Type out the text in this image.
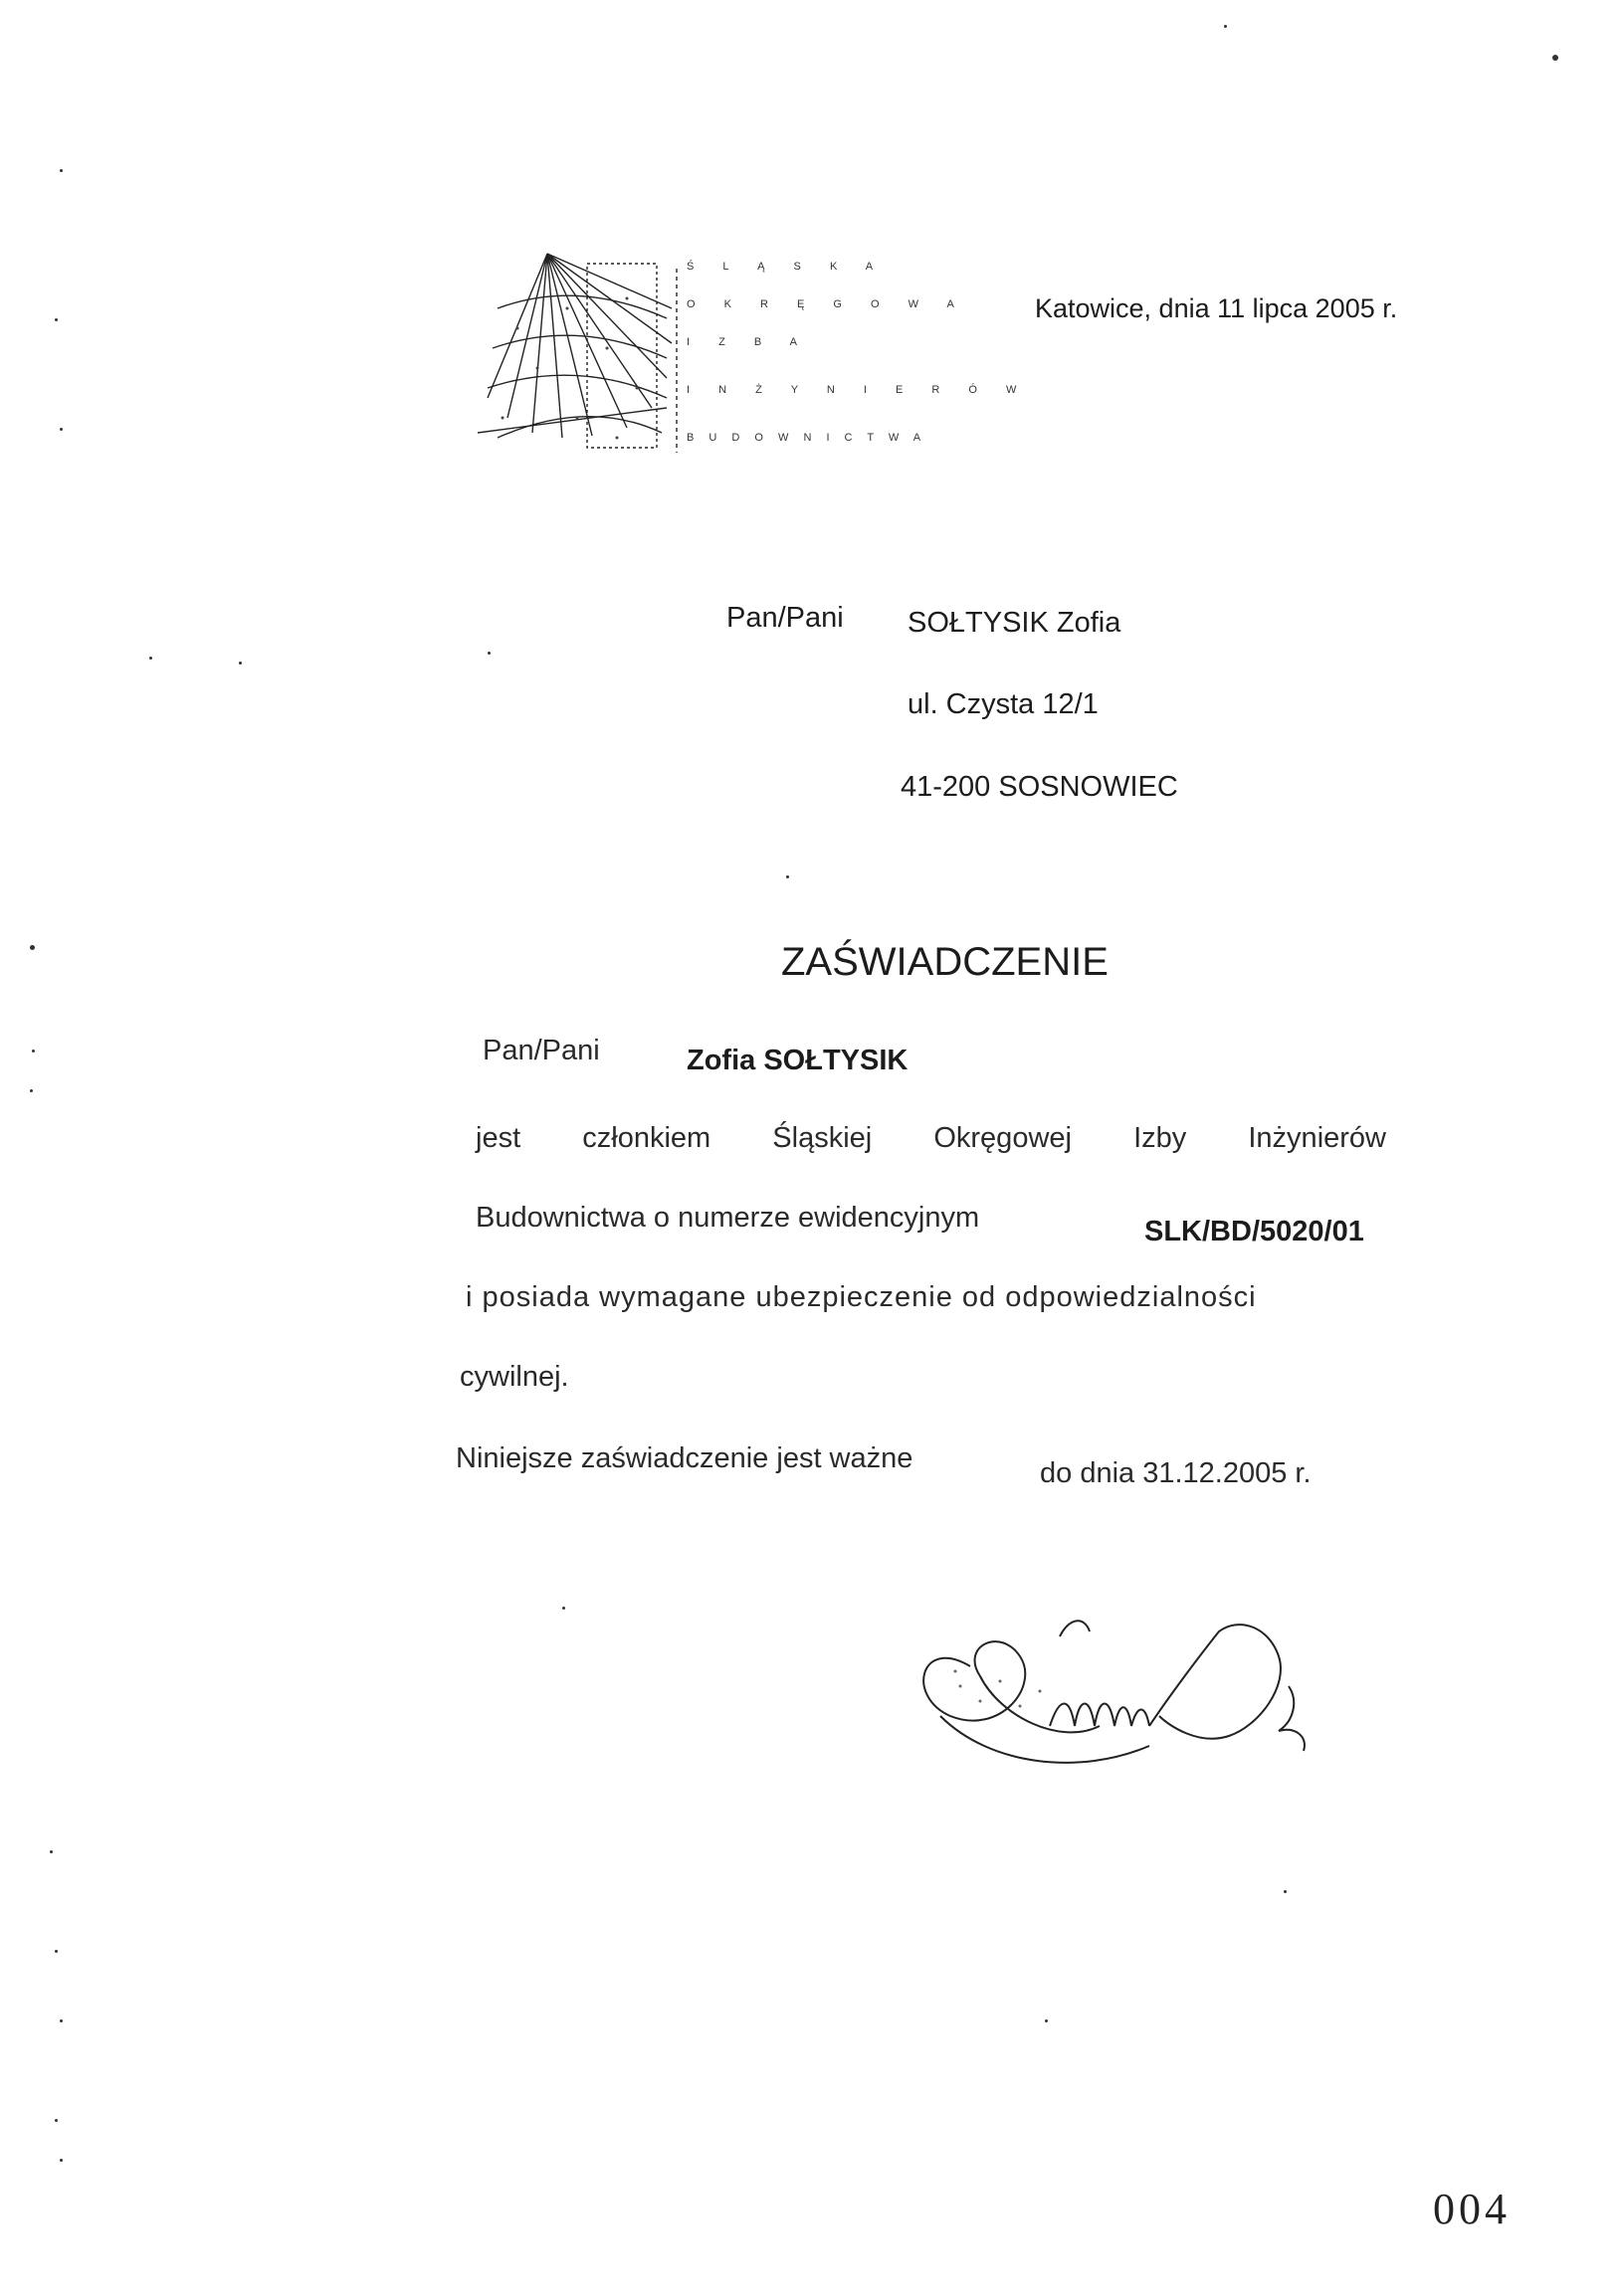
Ś L Ą S K A
O K R Ę G O W A
I Z B A
I N Ż Y N I E R Ó W
B U D O W N I C T W A
Katowice, dnia 11 lipca 2005 r.
Pan/Pani SOŁTYSIK Zofia
ul. Czysta 12/1
41-200 SOSNOWIEC
ZAŚWIADCZENIE
Pan/Pani	Zofia SOŁTYSIK
jest członkiem Śląskiej Okręgowej Izby Inżynierów
Budownictwa o numerze ewidencyjnym	SLK/BD/5020/01
i posiada wymagane ubezpieczenie od odpowiedzialności
cywilnej.
Niniejsze zaświadczenie jest ważne	do dnia 31.12.2005 r.
004
